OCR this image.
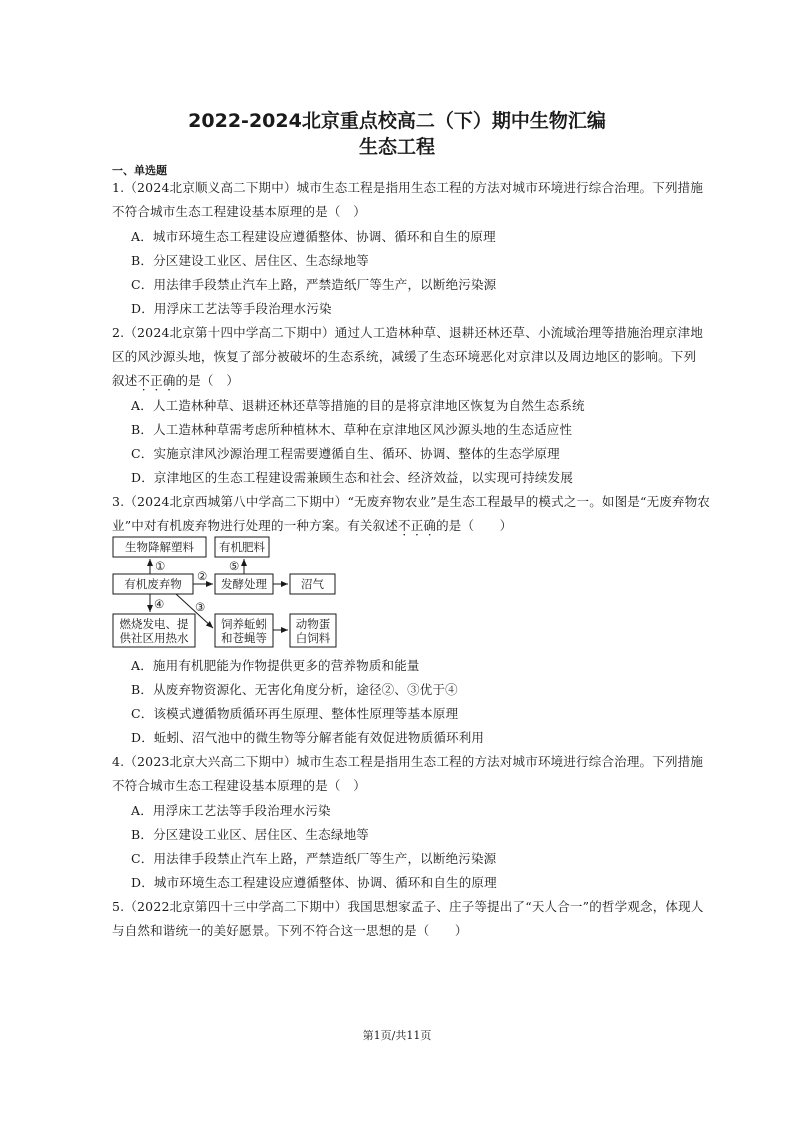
2022-2024北京重点校高二（下）期中生物汇编
生态工程
一、单选题
1.（2024北京顺义高二下期中）城市生态工程是指用生态工程的方法对城市环境进行综合治理。下列措施
不符合城市生态工程建设基本原理的是（　）
A．城市环境生态工程建设应遵循整体、协调、循环和自生的原理
B．分区建设工业区、居住区、生态绿地等
C．用法律手段禁止汽车上路，严禁造纸厂等生产，以断绝污染源
D．用浮床工艺法等手段治理水污染
2.（2024北京第十四中学高二下期中）通过人工造林种草、退耕还林还草、小流域治理等措施治理京津地
区的风沙源头地，恢复了部分被破坏的生态系统，减缓了生态环境恶化对京津以及周边地区的影响。下列
叙述不正确的是（　）
A．人工造林种草、退耕还林还草等措施的目的是将京津地区恢复为自然生态系统
B．人工造林种草需考虑所种植林木、草种在京津地区风沙源头地的生态适应性
C．实施京津风沙源治理工程需要遵循自生、循环、协调、整体的生态学原理
D．京津地区的生态工程建设需兼顾生态和社会、经济效益，以实现可持续发展
3.（2024北京西城第八中学高二下期中）“无废弃物农业”是生态工程最早的模式之一。如图是“无废弃物农
业”中对有机废弃物进行处理的一种方案。有关叙述不正确的是（　　）
生物降解塑料 有机肥料
有机废弃物	发酵处理	沼气
燃烧发电、提
供社区用热水
饲养蚯蚓
和苍蝇等
动物蛋
白饲料
①
②
③
④
⑤
A．施用有机肥能为作物提供更多的营养物质和能量
B．从废弃物资源化、无害化角度分析，途径②、③优于④
C．该模式遵循物质循环再生原理、整体性原理等基本原理
D．蚯蚓、沼气池中的微生物等分解者能有效促进物质循环利用
4.（2023北京大兴高二下期中）城市生态工程是指用生态工程的方法对城市环境进行综合治理。下列措施
不符合城市生态工程建设基本原理的是（　）
A．用浮床工艺法等手段治理水污染
B．分区建设工业区、居住区、生态绿地等
C．用法律手段禁止汽车上路，严禁造纸厂等生产，以断绝污染源
D．城市环境生态工程建设应遵循整体、协调、循环和自生的原理
5.（2022北京第四十三中学高二下期中）我国思想家孟子、庄子等提出了“天人合一”的哲学观念，体现人
与自然和谐统一的美好愿景。下列不符合这一思想的是（　　）
第1页/共11页
